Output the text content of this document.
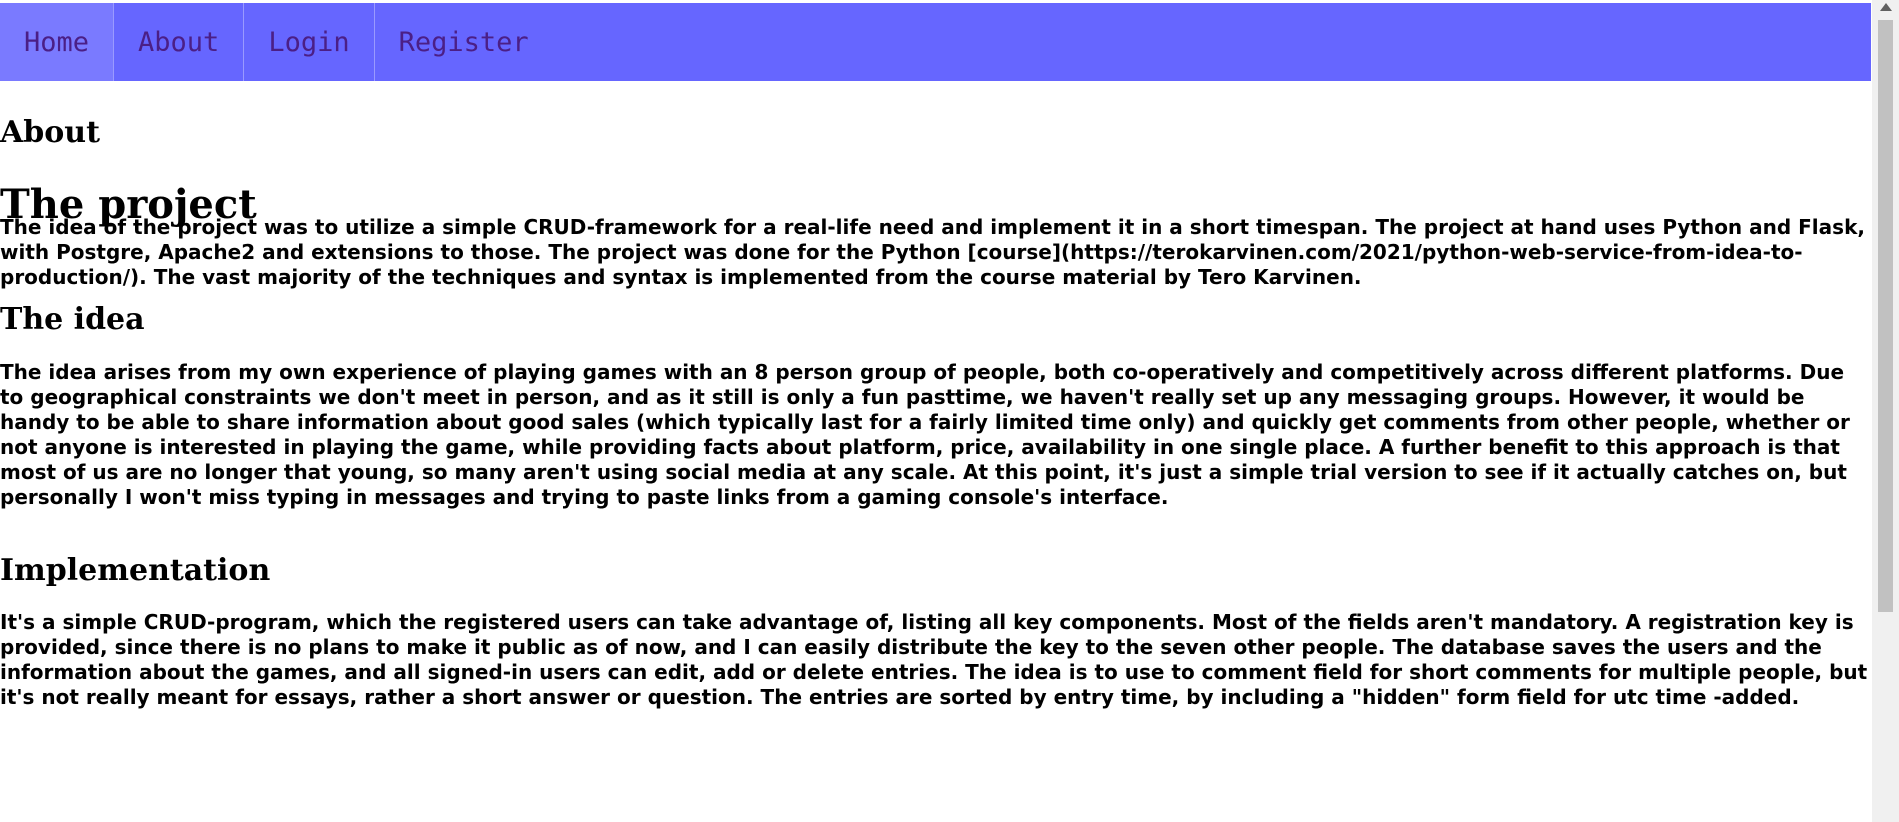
Home	About	Login	Register
About
The project

The idea of the project was to utilize a simple CRUD-framework for a real-life need and implement it in a short timespan. The project at hand uses Python and Flask, with Postgre, Apache2 and extensions to those. The project was done for the Python [course](https://terokarvinen.com/2021/python-web-service-from-idea-to-production/). The vast majority of the techniques and syntax is implemented from the course material by Tero Karvinen.

The idea

The idea arises from my own experience of playing games with an 8 person group of people, both co-operatively and competitively across different platforms. Due to geographical constraints we don't meet in person, and as it still is only a fun pasttime, we haven't really set up any messaging groups. However, it would be handy to be able to share information about good sales (which typically last for a fairly limited time only) and quickly get comments from other people, whether or not anyone is interested in playing the game, while providing facts about platform, price, availability in one single place. A further benefit to this approach is that most of us are no longer that young, so many aren't using social media at any scale. At this point, it's just a simple trial version to see if it actually catches on, but personally I won't miss typing in messages and trying to paste links from a gaming console's interface.

Implementation

It's a simple CRUD-program, which the registered users can take advantage of, listing all key components. Most of the fields aren't mandatory. A registration key is provided, since there is no plans to make it public as of now, and I can easily distribute the key to the seven other people. The database saves the users and the information about the games, and all signed-in users can edit, add or delete entries. The idea is to use to comment field for short comments for multiple people, but it's not really meant for essays, rather a short answer or question. The entries are sorted by entry time, by including a "hidden" form field for utc time -added.
